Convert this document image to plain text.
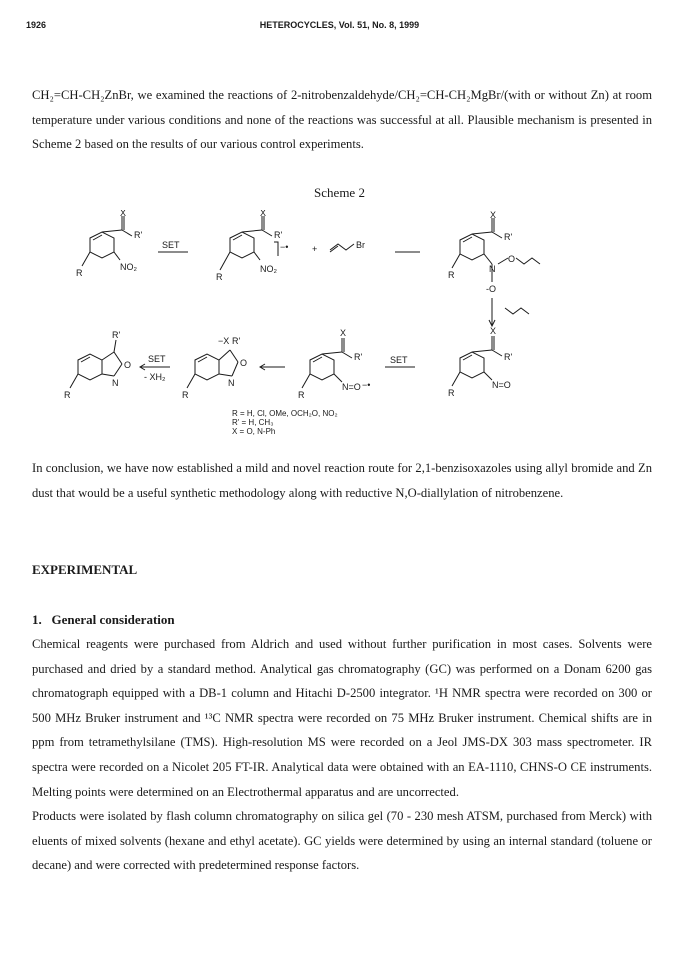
1926	HETEROCYCLES, Vol. 51, No. 8, 1999

CH₂=CH-CH₂ZnBr, we examined the reactions of 2-nitrobenzaldehyde/CH₂=CH-CH₂MgBr/(with or without Zn) at room temperature under various conditions and none of the reactions was successful at all. Plausible mechanism is presented in Scheme 2 based on the results of our various control experiments.

Scheme 2
X
R'
NO₂
R
SET
X
R'
NO₂
−•
R
+	Br
X
R'
N
O
-O
R
X
R'
N=O
R
SET
X
R'
N=O −•
R
−X R'
O
N
R
SET
- XH₂
R'
O
N
R
R = H, Cl, OMe, OCH₂O, NO₂
R' = H, CH₃
X = O, N-Ph

In conclusion, we have now established a mild and novel reaction route for 2,1-benzisoxazoles using allyl bromide and Zn dust that would be a useful synthetic methodology along with reductive N,O-diallylation of nitrobenzene.

EXPERIMENTAL
1. General consideration

Chemical reagents were purchased from Aldrich and used without further purification in most cases. Solvents were purchased and dried by a standard method. Analytical gas chromatography (GC) was performed on a Donam 6200 gas chromatograph equipped with a DB-1 column and Hitachi D-2500 integrator. ¹H NMR spectra were recorded on 300 or 500 MHz Bruker instrument and ¹³C NMR spectra were recorded on 75 MHz Bruker instrument. Chemical shifts are in ppm from tetramethylsilane (TMS). High-resolution MS were recorded on a Jeol JMS-DX 303 mass spectrometer. IR spectra were recorded on a Nicolet 205 FT-IR. Analytical data were obtained with an EA-1110, CHNS-O CE instruments. Melting points were determined on an Electrothermal apparatus and are uncorrected.

Products were isolated by flash column chromatography on silica gel (70 - 230 mesh ATSM, purchased from Merck) with eluents of mixed solvents (hexane and ethyl acetate). GC yields were determined by using an internal standard (toluene or decane) and were corrected with predetermined response factors.
